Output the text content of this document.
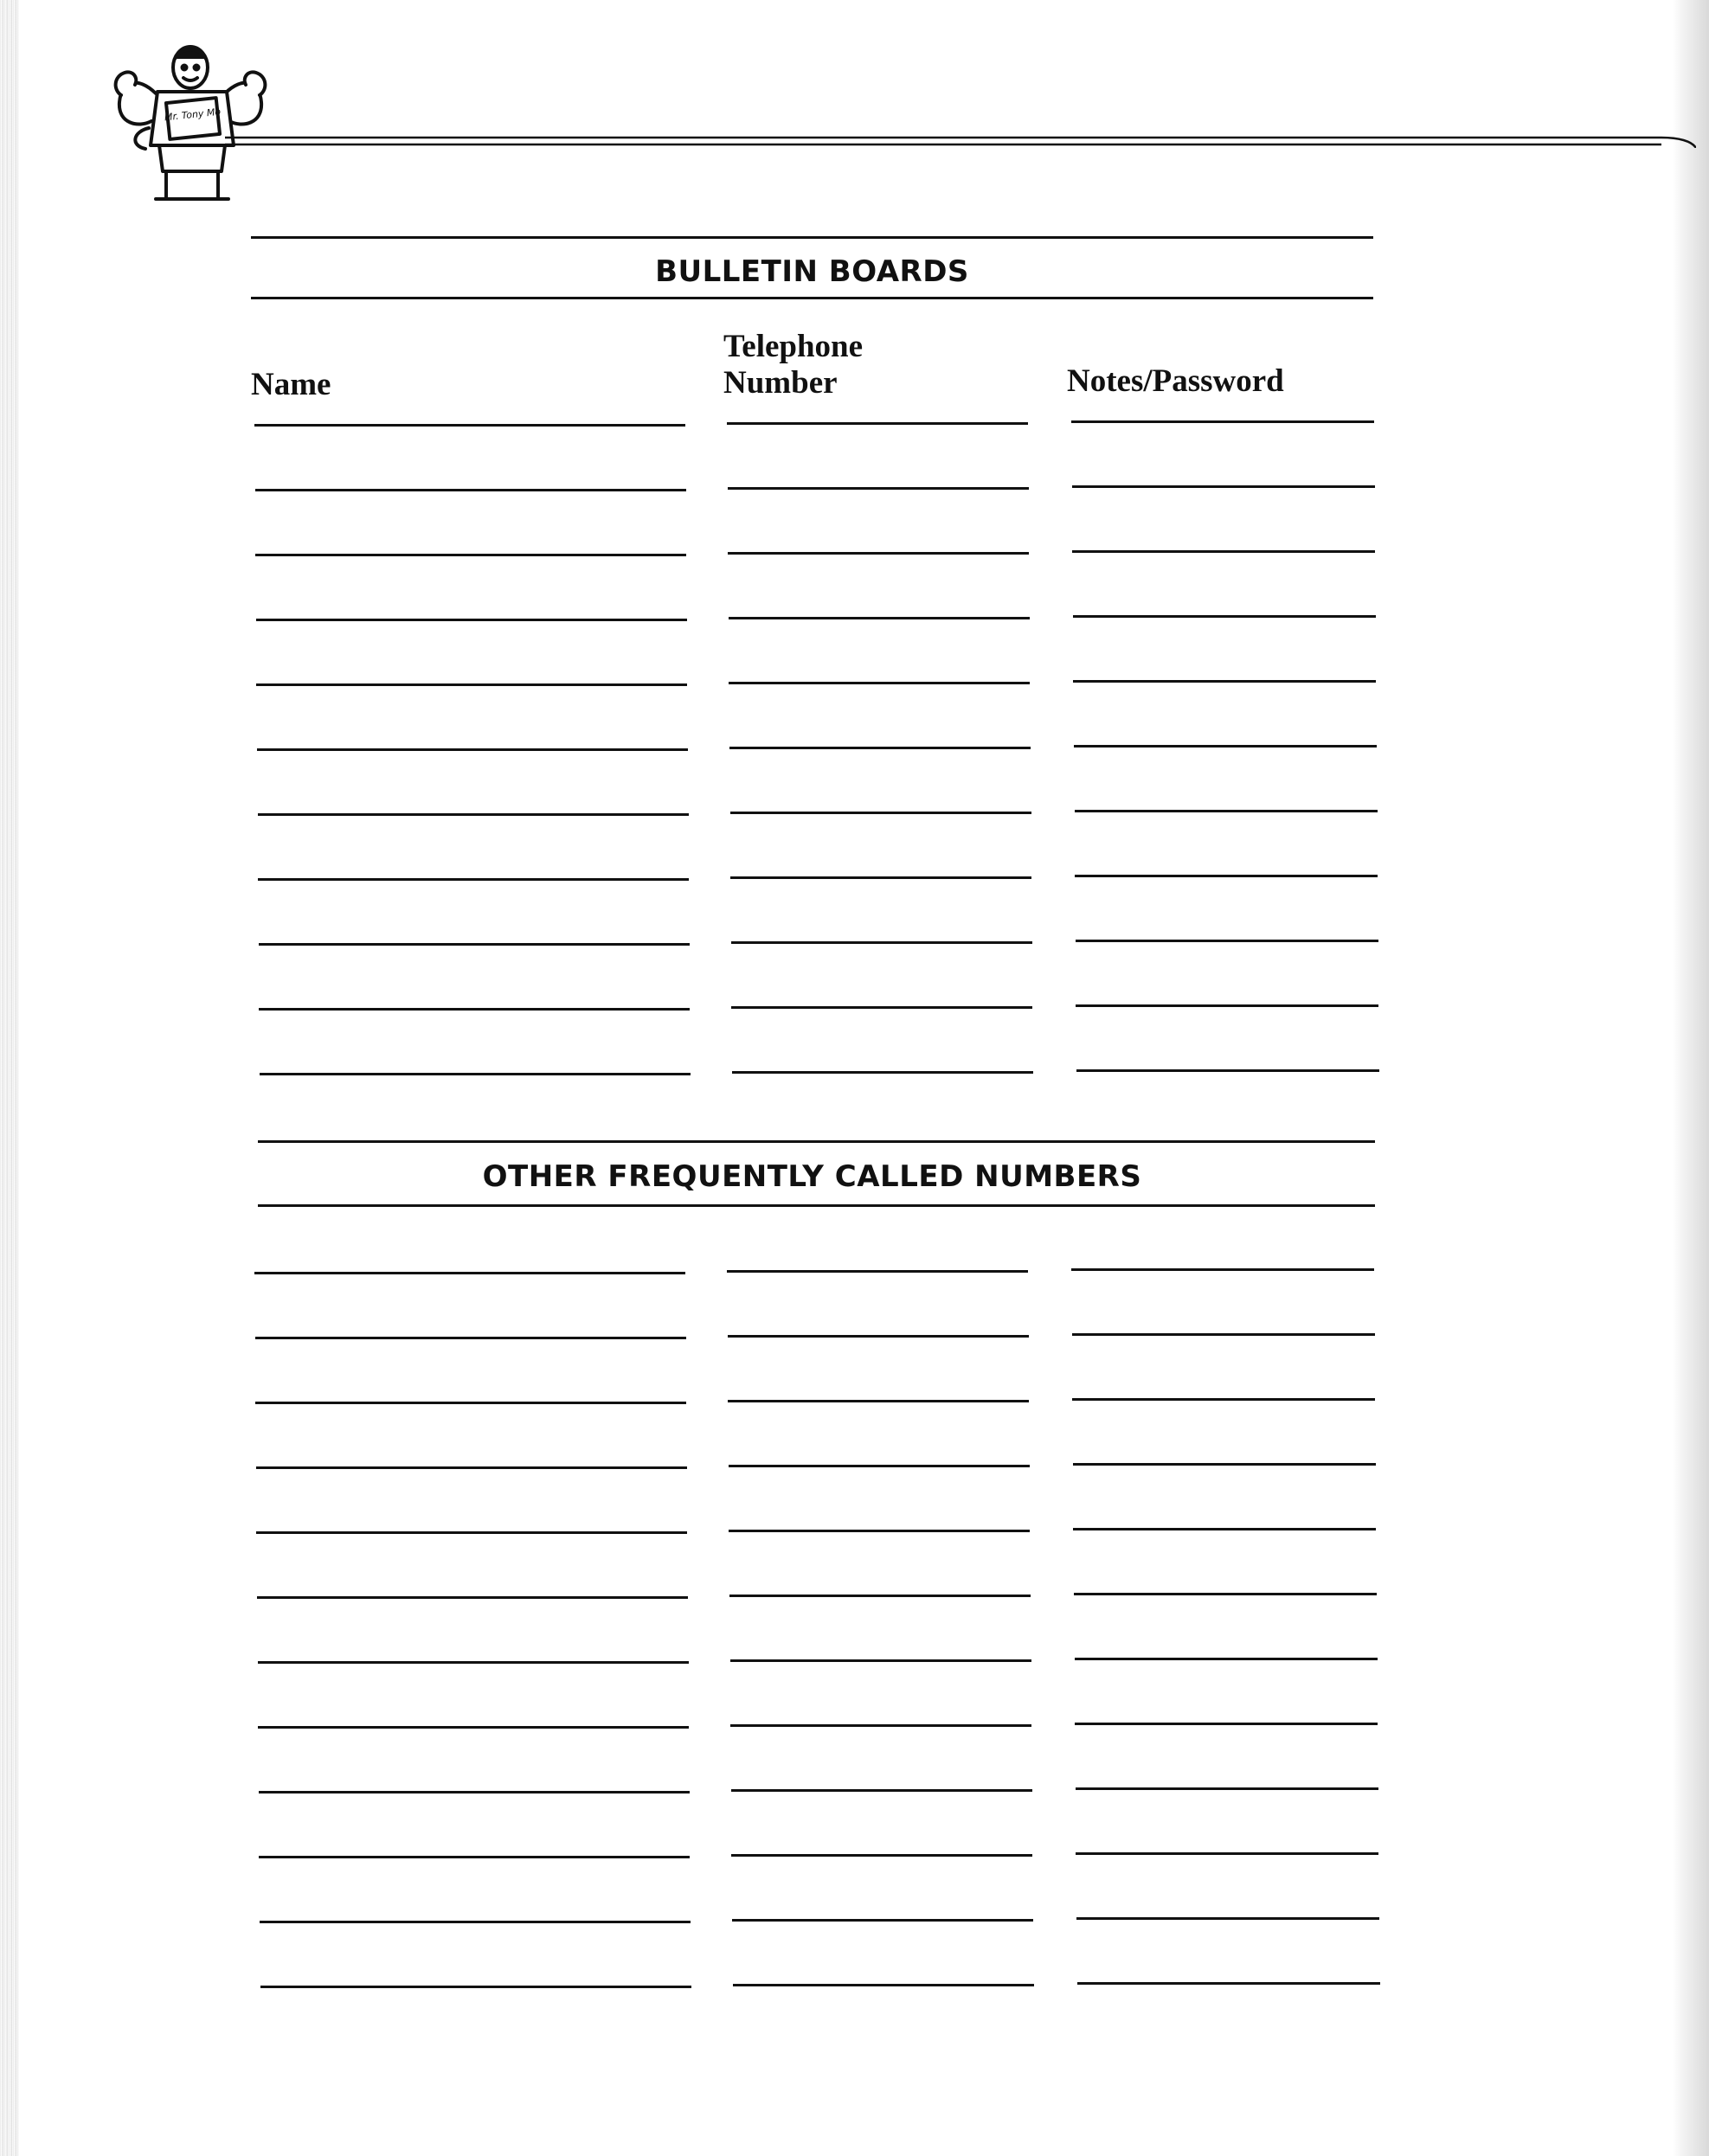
Mr. Tony Mo
BULLETIN BOARDS
Name
Telephone
Number	Notes/Password
OTHER FREQUENTLY CALLED NUMBERS
